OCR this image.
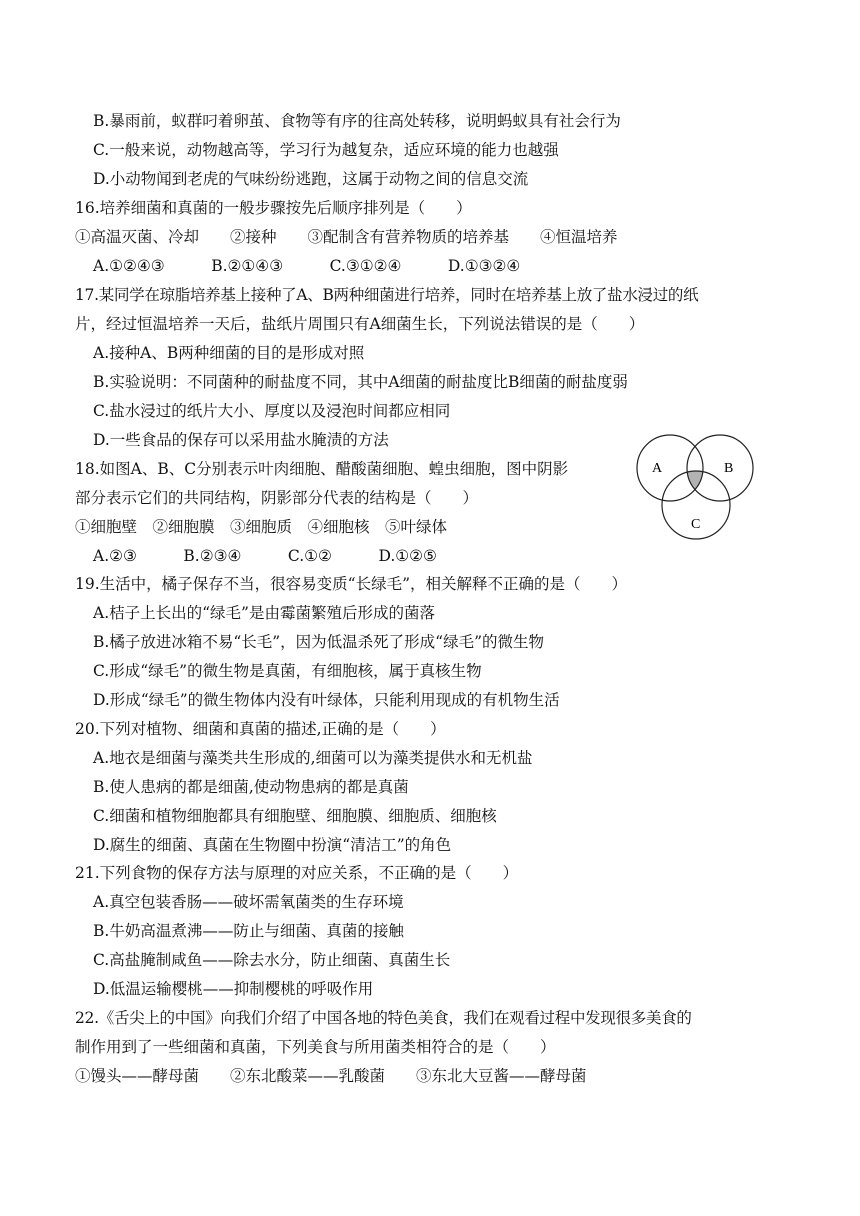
B.暴雨前，蚁群叼着卵茧、食物等有序的往高处转移，说明蚂蚁具有社会行为
C.一般来说，动物越高等，学习行为越复杂，适应环境的能力也越强
D.小动物闻到老虎的气味纷纷逃跑，这属于动物之间的信息交流
16.培养细菌和真菌的一般步骤按先后顺序排列是（　　）
①高温灭菌、冷却　　②接种　　③配制含有营养物质的培养基　　④恒温培养
A.①②④③　　　B.②①④③　　　C.③①②④　　　D.①③②④
17.某同学在琼脂培养基上接种了A、B两种细菌进行培养，同时在培养基上放了盐水浸过的纸
片，经过恒温培养一天后，盐纸片周围只有A细菌生长，下列说法错误的是（　　）
A.接种A、B两种细菌的目的是形成对照
B.实验说明：不同菌种的耐盐度不同，其中A细菌的耐盐度比B细菌的耐盐度弱
C.盐水浸过的纸片大小、厚度以及浸泡时间都应相同
D.一些食品的保存可以采用盐水腌渍的方法
18.如图A、B、C分别表示叶肉细胞、醋酸菌细胞、蝗虫细胞，图中阴影
部分表示它们的共同结构，阴影部分代表的结构是（　　）
①细胞壁　②细胞膜　③细胞质　④细胞核　⑤叶绿体
A.②③　　　B.②③④　　　C.①②　　　D.①②⑤
A	B
C
19.生活中，橘子保存不当，很容易变质“长绿毛”，相关解释不正确的是（　　）
A.桔子上长出的“绿毛”是由霉菌繁殖后形成的菌落
B.橘子放进冰箱不易“长毛”，因为低温杀死了形成“绿毛”的微生物
C.形成“绿毛”的微生物是真菌，有细胞核，属于真核生物
D.形成“绿毛”的微生物体内没有叶绿体，只能利用现成的有机物生活
20.下列对植物、细菌和真菌的描述,正确的是（　　）
A.地衣是细菌与藻类共生形成的,细菌可以为藻类提供水和无机盐
B.使人患病的都是细菌,使动物患病的都是真菌
C.细菌和植物细胞都具有细胞壁、细胞膜、细胞质、细胞核
D.腐生的细菌、真菌在生物圈中扮演“清洁工”的角色
21.下列食物的保存方法与原理的对应关系，不正确的是（　　）
A.真空包装香肠——破坏需氧菌类的生存环境
B.牛奶高温煮沸——防止与细菌、真菌的接触
C.高盐腌制咸鱼——除去水分，防止细菌、真菌生长
D.低温运输樱桃——抑制樱桃的呼吸作用
22.《舌尖上的中国》向我们介绍了中国各地的特色美食，我们在观看过程中发现很多美食的
制作用到了一些细菌和真菌，下列美食与所用菌类相符合的是（　　）
①馒头——酵母菌　　②东北酸菜——乳酸菌　　③东北大豆酱——酵母菌
